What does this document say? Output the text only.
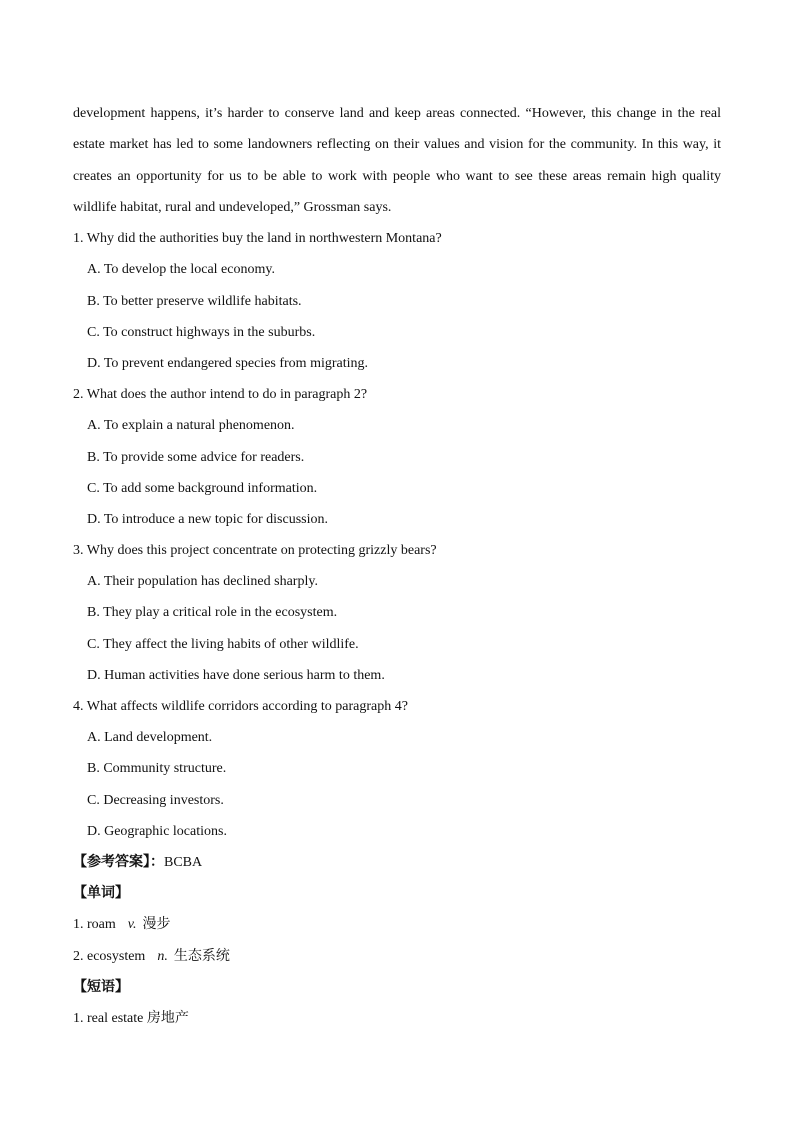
development happens, it’s harder to conserve land and keep areas connected. “However, this change in the real estate market has led to some landowners reflecting on their values and vision for the community. In this way, it creates an opportunity for us to be able to work with people who want to see these areas remain high quality wildlife habitat, rural and undeveloped,” Grossman says.

1. Why did the authorities buy the land in northwestern Montana?
A. To develop the local economy.
B. To better preserve wildlife habitats.
C. To construct highways in the suburbs.
D. To prevent endangered species from migrating.
2. What does the author intend to do in paragraph 2?
A. To explain a natural phenomenon.
B. To provide some advice for readers.
C. To add some background information.
D. To introduce a new topic for discussion.
3. Why does this project concentrate on protecting grizzly bears?
A. Their population has declined sharply.
B. They play a critical role in the ecosystem.
C. They affect the living habits of other wildlife.
D. Human activities have done serious harm to them.
4. What affects wildlife corridors according to paragraph 4?
A. Land development.
B. Community structure.
C. Decreasing investors.
D. Geographic locations.
【参考答案】：BCBA
【单词】
1. roam v. 漫步
2. ecosystem n. 生态系统
【短语】
1. real estate 房地产
